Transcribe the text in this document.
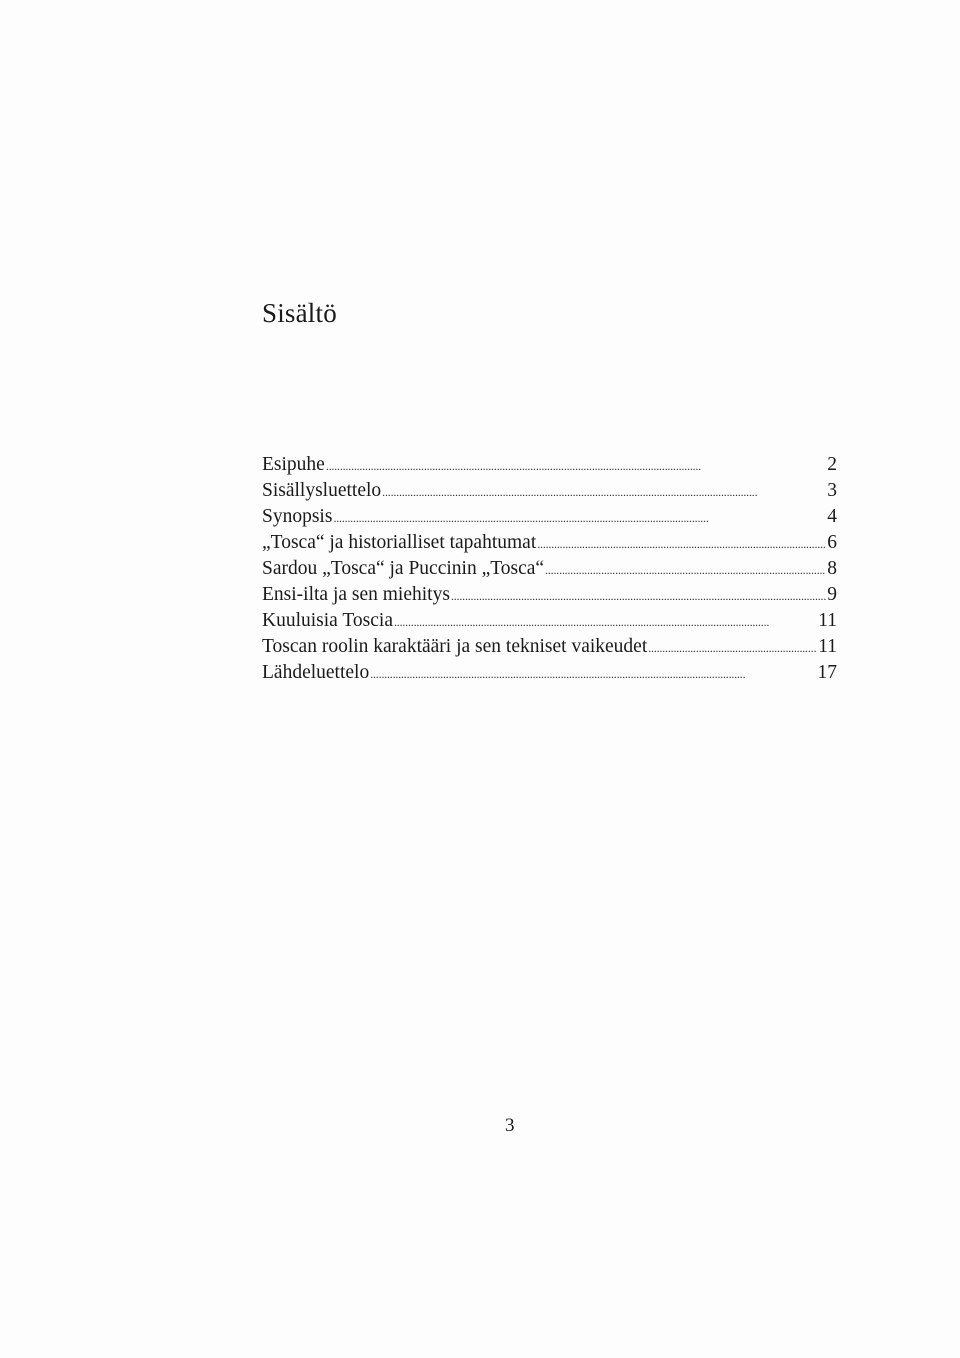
Sisältö
Esipuhe . . .	2
Sisällysluettelo . . .	3
Synopsis . . .	4
„Tosca“ ja historialliset tapahtumat . . .	6
Sardou „Tosca“ ja Puccinin „Tosca“ . . .	8
Ensi-ilta ja sen miehitys . . .	9
Kuuluisia Toscia . . .	11
Toscan roolin karaktääri ja sen tekniset vaikeudet . . .	11
Lähdeluettelo . . .	17
3
